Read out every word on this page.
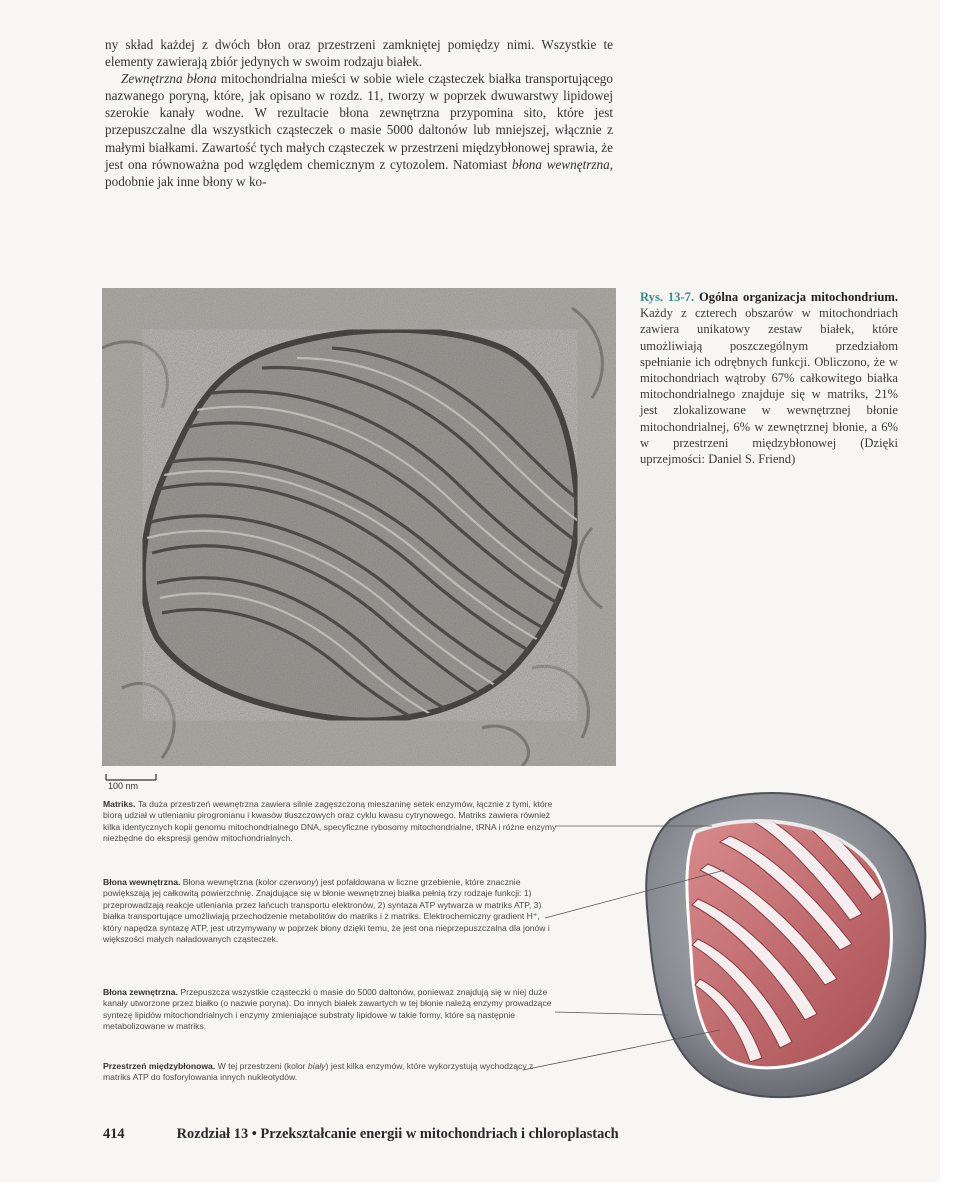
ny skład każdej z dwóch błon oraz przestrzeni zamkniętej pomiędzy nimi. Wszystkie te elementy zawierają zbiór jedynych w swoim rodzaju białek.

Zewnętrzna błona mitochondrialna mieści w sobie wiele cząsteczek białka transportującego nazwanego poryną, które, jak opisano w rozdz. 11, tworzy w poprzek dwuwarstwy lipidowej szerokie kanały wodne. W rezultacie błona zewnętrzna przypomina sito, które jest przepuszczalne dla wszystkich cząsteczek o masie 5000 daltonów lub mniejszej, włącznie z małymi białkami. Zawartość tych małych cząsteczek w przestrzeni międzybłonowej sprawia, że jest ona równoważna pod względem chemicznym z cytozolem. Natomiast błona wewnętrzna, podobnie jak inne błony w ko-

100 nm
Rys. 13-7. Ogólna organizacja mitochondrium. Każdy z czterech obszarów w mitochondriach zawiera unikatowy zestaw białek, które umożliwiają poszczególnym przedziałom spełnianie ich odrębnych funkcji. Obliczono, że w mitochondriach wątroby 67% całkowitego białka mitochondrialnego znajduje się w matriks, 21% jest zlokalizowane w wewnętrznej błonie mitochondrialnej, 6% w zewnętrznej błonie, a 6% w przestrzeni międzybłonowej (Dzięki uprzejmości: Daniel S. Friend)
Matriks. Ta duża przestrzeń wewnętrzna zawiera silnie zagęszczoną mieszaninę setek enzymów, łącznie z tymi, które biorą udział w utlenianiu pirogronianu i kwasów tłuszczowych oraz cyklu kwasu cytrynowego. Matriks zawiera również kilka identycznych kopii genomu mitochondrialnego DNA, specyficzne rybosomy mitochondrialne, tRNA i różne enzymy niezbędne do ekspresji genów mitochondrialnych.
Błona wewnętrzna. Błona wewnętrzna (kolor czerwony) jest pofałdowana w liczne grzebienie, które znacznie powiększają jej całkowitą powierzchnię. Znajdujące się w błonie wewnętrznej białka pełnią trzy rodzaje funkcji: 1) przeprowadzają reakcje utleniania przez łańcuch transportu elektronów, 2) syntaza ATP wytwarza w matriks ATP, 3) białka transportujące umożliwiają przechodzenie metabolitów do matriks i z matriks. Elektrochemiczny gradient H⁺, który napędza syntazę ATP, jest utrzymywany w poprzek błony dzięki temu, że jest ona nieprzepuszczalna dla jonów i większości małych naładowanych cząsteczek.
Błona zewnętrzna. Przepuszcza wszystkie cząsteczki o masie do 5000 daltonów, ponieważ znajdują się w niej duże kanały utworzone przez białko (o nazwie poryna). Do innych białek zawartych w tej błonie należą enzymy prowadzące syntezę lipidów mitochondrialnych i enzymy zmieniające substraty lipidowe w takie formy, które są następnie metabolizowane w matriks.
Przestrzeń międzybłonowa. W tej przestrzeni (kolor biały) jest kilka enzymów, które wykorzystują wychodzący z matriks ATP do fosforylowania innych nukleotydów.
414	Rozdział 13 • Przekształcanie energii w mitochondriach i chloroplastach
